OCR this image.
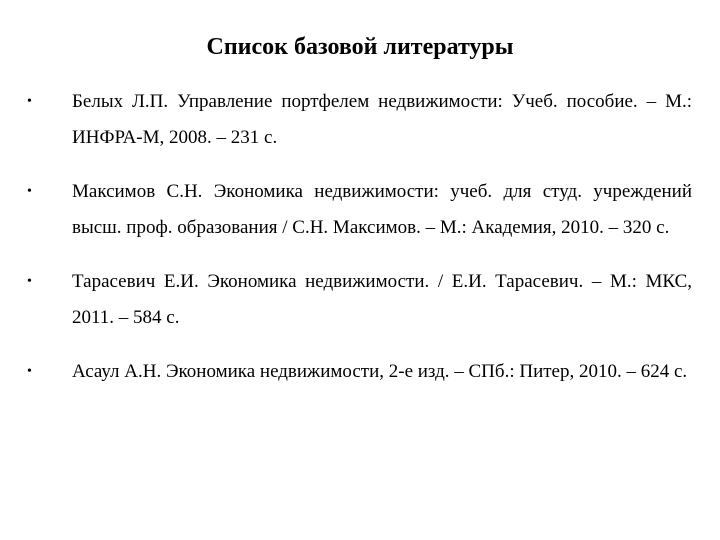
Список базовой литературы
• Белых Л.П. Управление портфелем недвижимости: Учеб. пособие. – М.: ИНФРА-М, 2008. – 231 с.
• Максимов С.Н. Экономика недвижимости: учеб. для студ. учреждений высш. проф. образования / С.Н. Максимов. – М.: Академия, 2010. – 320 с.
• Тарасевич Е.И. Экономика недвижимости. / Е.И. Тарасевич. – М.: МКС, 2011. – 584 с.
• Асаул А.Н. Экономика недвижимости, 2-е изд. – СПб.: Питер, 2010. – 624 с.
